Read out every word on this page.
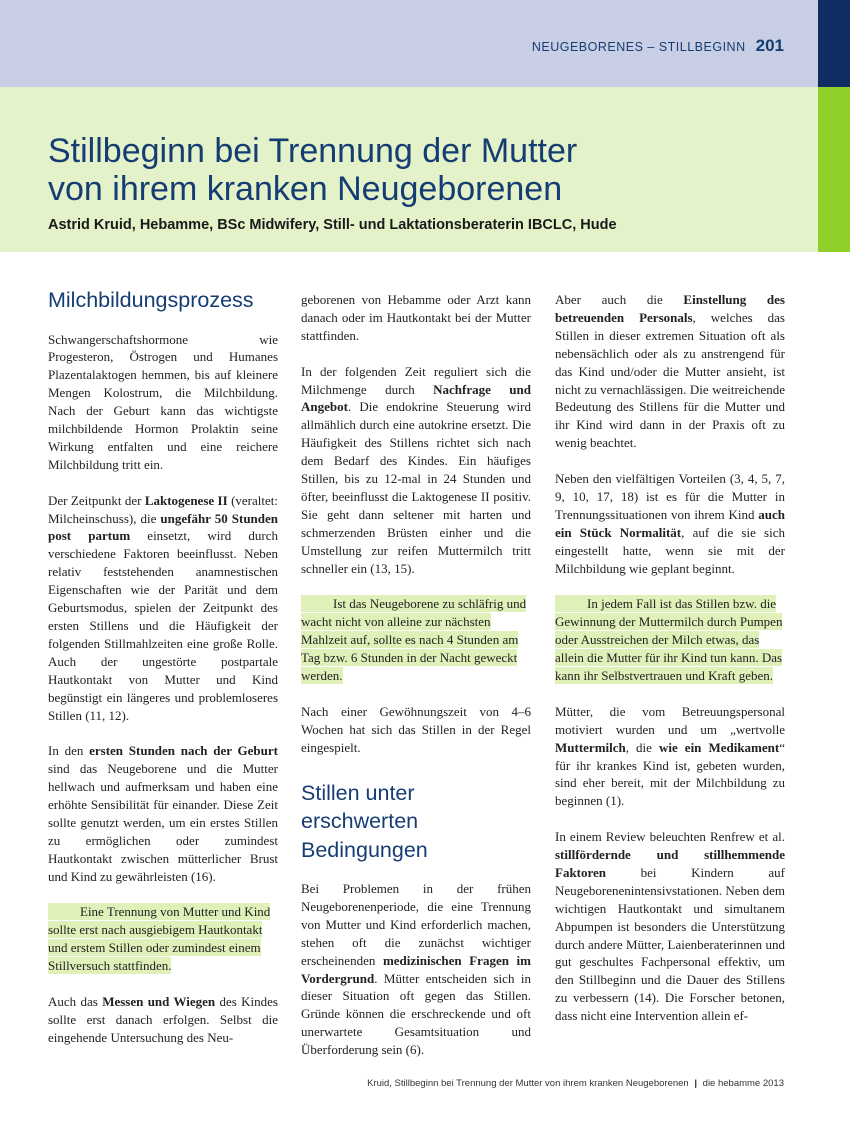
NEUGEBORENES – STILLBEGINN 201
Stillbeginn bei Trennung der Mutter
von ihrem kranken Neugeborenen

Astrid Kruid, Hebamme, BSc Midwifery, Still- und Laktationsberaterin IBCLC, Hude

Milchbildungsprozess

Schwangerschaftshormone wie Progesteron, Östrogen und Humanes Plazentalaktogen hemmen, bis auf kleinere Mengen Kolostrum, die Milchbildung. Nach der Geburt kann das wichtigste milchbildende Hormon Prolaktin seine Wirkung entfalten und eine reichere Milchbildung tritt ein.

Der Zeitpunkt der Laktogenese II (veraltet: Milcheinschuss), die ungefähr 50 Stunden post partum einsetzt, wird durch verschiedene Faktoren beeinflusst. Neben relativ feststehenden anamnestischen Eigenschaften wie der Parität und dem Geburtsmodus, spielen der Zeitpunkt des ersten Stillens und die Häufigkeit der folgenden Stillmahlzeiten eine große Rolle. Auch der ungestörte postpartale Hautkontakt von Mutter und Kind begünstigt ein längeres und problemloseres Stillen (11, 12).

In den ersten Stunden nach der Geburt sind das Neugeborene und die Mutter hellwach und aufmerksam und haben eine erhöhte Sensibilität für einander. Diese Zeit sollte genutzt werden, um ein erstes Stillen zu ermöglichen oder zumindest Hautkontakt zwischen mütterlicher Brust und Kind zu gewährleisten (16).

Eine Trennung von Mutter und Kind sollte erst nach ausgiebigem Hautkontakt und erstem Stillen oder zumindest einem Stillversuch stattfinden.

Auch das Messen und Wiegen des Kindes sollte erst danach erfolgen. Selbst die eingehende Untersuchung des Neu-

geborenen von Hebamme oder Arzt kann danach oder im Hautkontakt bei der Mutter stattfinden.

In der folgenden Zeit reguliert sich die Milchmenge durch Nachfrage und Angebot. Die endokrine Steuerung wird allmählich durch eine autokrine ersetzt. Die Häufigkeit des Stillens richtet sich nach dem Bedarf des Kindes. Ein häufiges Stillen, bis zu 12-mal in 24 Stunden und öfter, beeinflusst die Laktogenese II positiv. Sie geht dann seltener mit harten und schmerzenden Brüsten einher und die Umstellung zur reifen Muttermilch tritt schneller ein (13, 15).

Ist das Neugeborene zu schläfrig und wacht nicht von alleine zur nächsten Mahlzeit auf, sollte es nach 4 Stunden am Tag bzw. 6 Stunden in der Nacht geweckt werden.

Nach einer Gewöhnungszeit von 4–6 Wochen hat sich das Stillen in der Regel eingespielt.

Stillen unter erschwerten Bedingungen

Bei Problemen in der frühen Neugeborenenperiode, die eine Trennung von Mutter und Kind erforderlich machen, stehen oft die zunächst wichtiger erscheinenden medizinischen Fragen im Vordergrund. Mütter entscheiden sich in dieser Situation oft gegen das Stillen. Gründe können die erschreckende und oft unerwartete Gesamtsituation und Überforderung sein (6).

Aber auch die Einstellung des betreuenden Personals, welches das Stillen in dieser extremen Situation oft als nebensächlich oder als zu anstrengend für das Kind und/oder die Mutter ansieht, ist nicht zu vernachlässigen. Die weitreichende Bedeutung des Stillens für die Mutter und ihr Kind wird dann in der Praxis oft zu wenig beachtet.

Neben den vielfältigen Vorteilen (3, 4, 5, 7, 9, 10, 17, 18) ist es für die Mutter in Trennungssituationen von ihrem Kind auch ein Stück Normalität, auf die sie sich eingestellt hatte, wenn sie mit der Milchbildung wie geplant beginnt.

In jedem Fall ist das Stillen bzw. die Gewinnung der Muttermilch durch Pumpen oder Ausstreichen der Milch etwas, das allein die Mutter für ihr Kind tun kann. Das kann ihr Selbstvertrauen und Kraft geben.

Mütter, die vom Betreuungspersonal motiviert wurden und um „wertvolle Muttermilch, die wie ein Medikament“ für ihr krankes Kind ist, gebeten wurden, sind eher bereit, mit der Milchbildung zu beginnen (1).

In einem Review beleuchten Renfrew et al. stillfördernde und stillhemmende Faktoren bei Kindern auf Neugeborenenintensivstationen. Neben dem wichtigen Hautkontakt und simultanem Abpumpen ist besonders die Unterstützung durch andere Mütter, Laienberaterinnen und gut geschultes Fachpersonal effektiv, um den Stillbeginn und die Dauer des Stillens zu verbessern (14). Die Forscher betonen, dass nicht eine Intervention allein ef-

Kruid, Stillbeginn bei Trennung der Mutter von ihrem kranken Neugeborenen | die hebamme 2013
